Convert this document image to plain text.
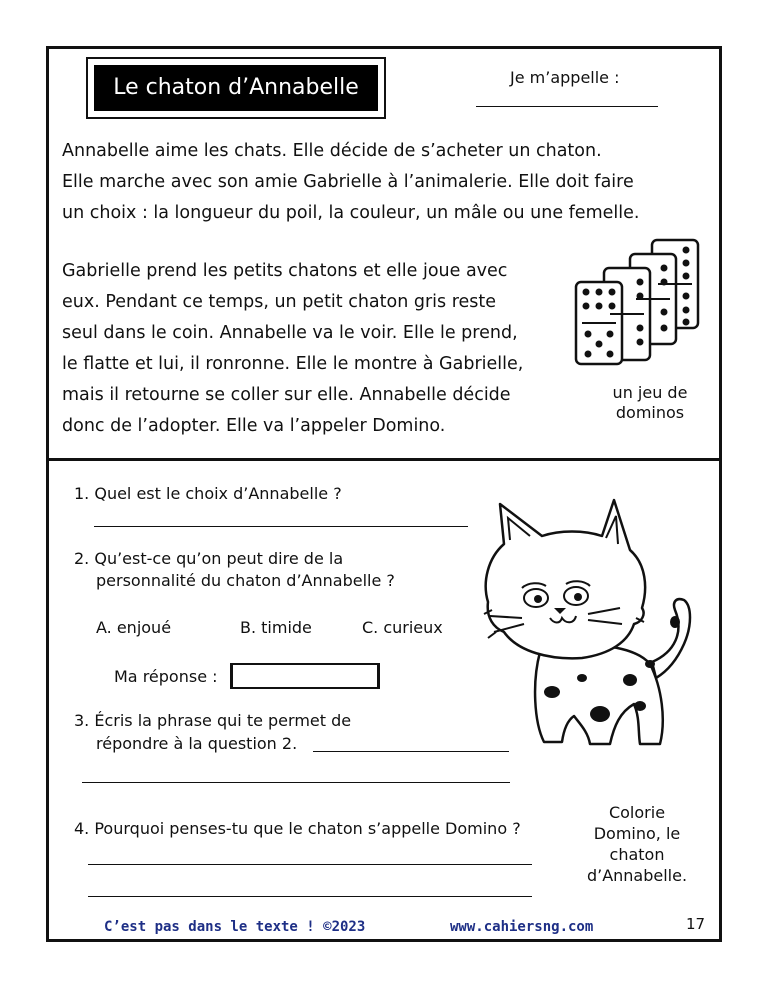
Le chaton d’Annabelle	Je m’appelle :
Annabelle aime les chats. Elle décide de s’acheter un chaton.
Elle marche avec son amie Gabrielle à l’animalerie. Elle doit faire
un choix : la longueur du poil, la couleur, un mâle ou une femelle.
Gabrielle prend les petits chatons et elle joue avec
eux. Pendant ce temps, un petit chaton gris reste
seul dans le coin. Annabelle va le voir. Elle le prend,
le flatte et lui, il ronronne. Elle le montre à Gabrielle,
mais il retourne se coller sur elle. Annabelle décide
donc de l’adopter. Elle va l’appeler Domino.
un jeu de
dominos
1. Quel est le choix d’Annabelle ?
2. Qu’est-ce qu’on peut dire de la
personnalité du chaton d’Annabelle ?
A. enjoué	B. timide	C. curieux
Ma réponse :
3. Écris la phrase qui te permet de
répondre à la question 2.
4. Pourquoi penses-tu que le chaton s’appelle Domino ?
Colorie
Domino, le
chaton
d’Annabelle.
C’est pas dans le texte ! ©2023	www.cahiersng.com	17
